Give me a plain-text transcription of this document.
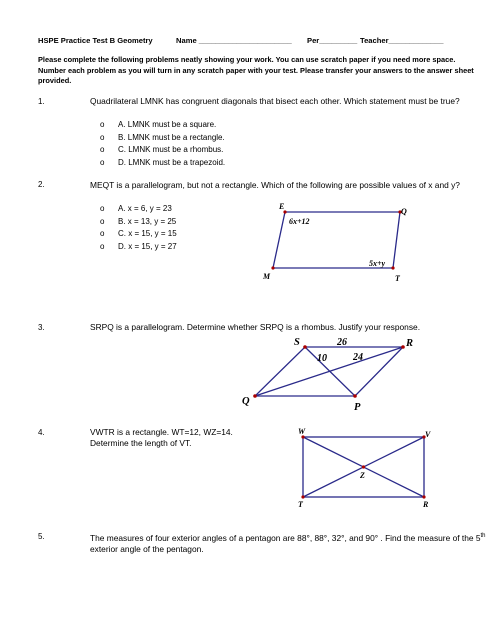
HSPE Practice Test B Geometry	Name ______________________ Per_________ Teacher_____________
Please complete the following problems neatly showing your work. You can use scratch paper if you need more space. Number each problem as you will turn in any scratch paper with your test. Please transfer your answers to the answer sheet provided.
1.	Quadrilateral LMNK has congruent diagonals that bisect each other. Which statement must be true?
o A. LMNK must be a square.
o B. LMNK must be a rectangle.
o C. LMNK must be a rhombus.
o D. LMNK must be a trapezoid.
2.	MEQT is a parallelogram, but not a rectangle. Which of the following are possible values of x and y?
o A. x = 6, y = 23
o B. x = 13, y = 25
o C. x = 15, y = 15
o D. x = 15, y = 27
E
Q
M	T
6x+12
5x+y
3.	SRPQ is a parallelogram. Determine whether SRPQ is a rhombus. Justify your response.
S	R
P
Q
26
10	24
4.	VWTR is a rectangle. WT=12, WZ=14. Determine the length of VT.
W	V
Z
T	R
5.	The measures of four exterior angles of a pentagon are 88°, 88°, 32°, and 90° . Find the measure of the 5th exterior angle of the pentagon.
